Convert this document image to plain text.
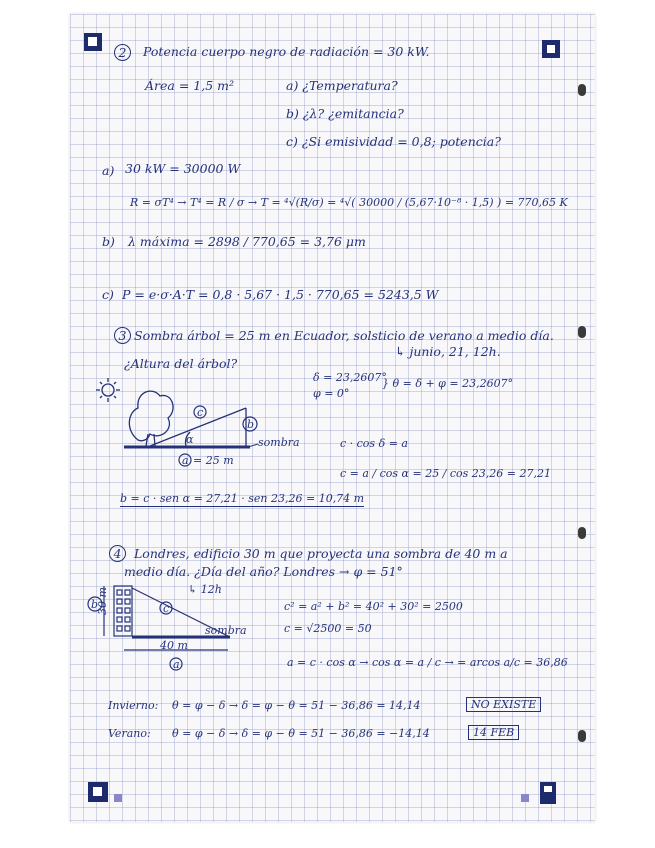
2	Potencia cuerpo negro de radiación = 30 kW.
Área = 1,5 m²	a) ¿Temperatura?
b) ¿λ? ¿emitancia?
c) ¿Si emisividad = 0,8; potencia?
a) 30 kW = 30000 W
R = σT⁴ → T⁴ = R / σ → T = ⁴√(R/σ) = ⁴√( 30000 / (5,67·10⁻⁸ · 1,5) ) = 770,65 K
b) λ máxima = 2898 / 770,65 = 3,76 μm
c) P = e·σ·A·T = 0,8 · 5,67 · 1,5 · 770,65 = 5243,5 W
3 Sombra árbol = 25 m en Ecuador, solsticio de verano a medio día.
↳ junio, 21, 12h.
¿Altura del árbol?
δ = 23,2607°
φ = 0°
} θ = δ + φ = 23,2607°
c
b
α	sombra
a = 25 m
c · cos δ = a
c = a / cos α = 25 / cos 23,26 = 27,21
b = c · sen α = 27,21 · sen 23,26 = 10,74 m
4	Londres, edificio 30 m que proyecta una sombra de 40 m a
medio día. ¿Día del año? Londres → φ = 51°
↳ 12h
b
30 m	c
sombra
40 m
a
c² = a² + b² = 40² + 30² = 2500
c = √2500 = 50
a = c · cos α → cos α = a / c → = arcos a/c = 36,86
Invierno: θ = φ − δ → δ = φ − θ = 51 − 36,86 = 14,14	NO EXISTE
Verano: θ = φ − δ → δ = φ − θ = 51 − 36,86 = −14,14	14 FEB
